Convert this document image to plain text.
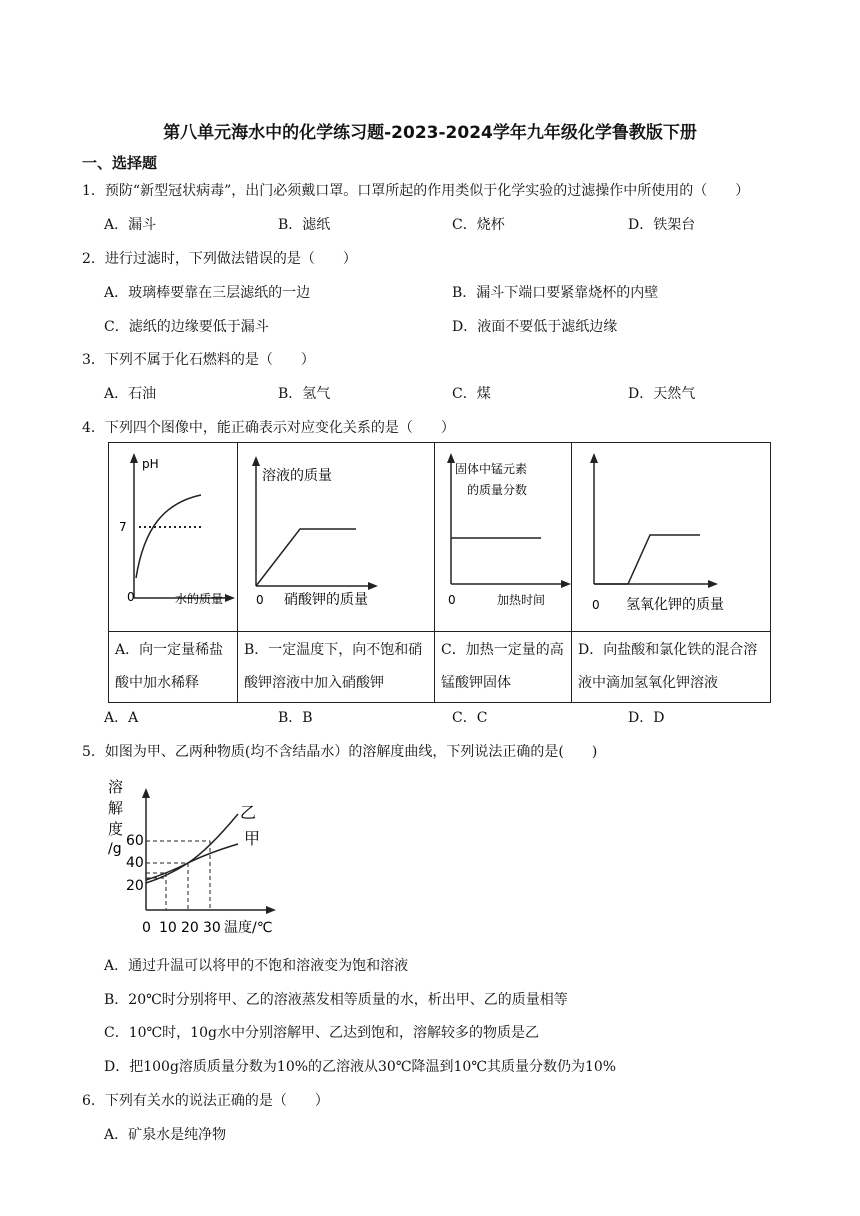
第八单元海水中的化学练习题-2023-2024学年九年级化学鲁教版下册
一、选择题
1．预防“新型冠状病毒”，出门必须戴口罩。口罩所起的作用类似于化学实验的过滤操作中所使用的（　　）
A．漏斗	B．滤纸	C．烧杯	D．铁架台
2．进行过滤时，下列做法错误的是（　　）
A．玻璃棒要靠在三层滤纸的一边	B．漏斗下端口要紧靠烧杯的内壁
C．滤纸的边缘要低于漏斗	D．液面不要低于滤纸边缘
3．下列不属于化石燃料的是（　　）
A．石油	B．氢气	C．煤	D．天然气
4．下列四个图像中，能正确表示对应变化关系的是（　　）
pH
7
0 水的质量	溶液的质量
0 硝酸钾的质量	固体中锰元素
的质量分数
0 加热时间	0 氢氧化钾的质量

A．向一定量稀盐酸中加水稀释	B．一定温度下，向不饱和硝酸钾溶液中加入硝酸钾	C．加热一定量的高锰酸钾固体	D．向盐酸和氯化铁的混合溶液中滴加氢氧化钾溶液
A．A	B．B	C．C	D．D
5．如图为甲、乙两种物质(均不含结晶水）的溶解度曲线，下列说法正确的是(　　)
溶
解
度
/g 60
40
20
乙
甲
0 10 20 30 温度/℃
A．通过升温可以将甲的不饱和溶液变为饱和溶液
B．20℃时分别将甲、乙的溶液蒸发相等质量的水，析出甲、乙的质量相等
C．10℃时，10g水中分别溶解甲、乙达到饱和，溶解较多的物质是乙
D．把100g溶质质量分数为10%的乙溶液从30℃降温到10℃其质量分数仍为10%
6．下列有关水的说法正确的是（　　）
A．矿泉水是纯净物
